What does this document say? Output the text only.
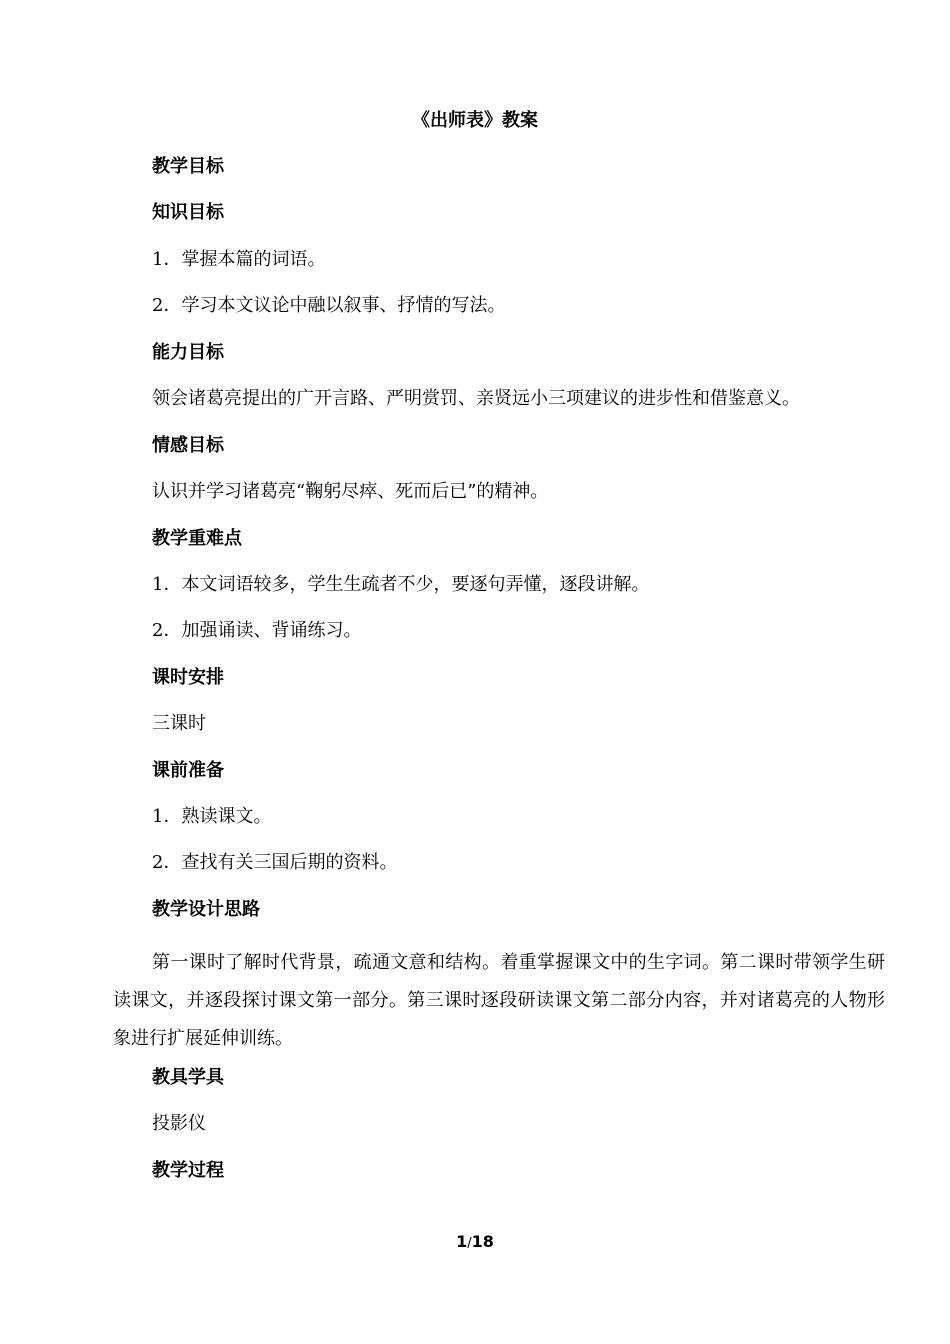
《出师表》教案
教学目标
知识目标
1．掌握本篇的词语。
2．学习本文议论中融以叙事、抒情的写法。
能力目标
领会诸葛亮提出的广开言路、严明赏罚、亲贤远小三项建议的进步性和借鉴意义。
情感目标
认识并学习诸葛亮“鞠躬尽瘁、死而后已”的精神。
教学重难点
1．本文词语较多，学生生疏者不少，要逐句弄懂，逐段讲解。
2．加强诵读、背诵练习。
课时安排
三课时
课前准备
1．熟读课文。
2．查找有关三国后期的资料。
教学设计思路
第一课时了解时代背景，疏通文意和结构。着重掌握课文中的生字词。第二课时带领学生研读课文，并逐段探讨课文第一部分。第三课时逐段研读课文第二部分内容，并对诸葛亮的人物形象进行扩展延伸训练。
教具学具
投影仪
教学过程
1/18
